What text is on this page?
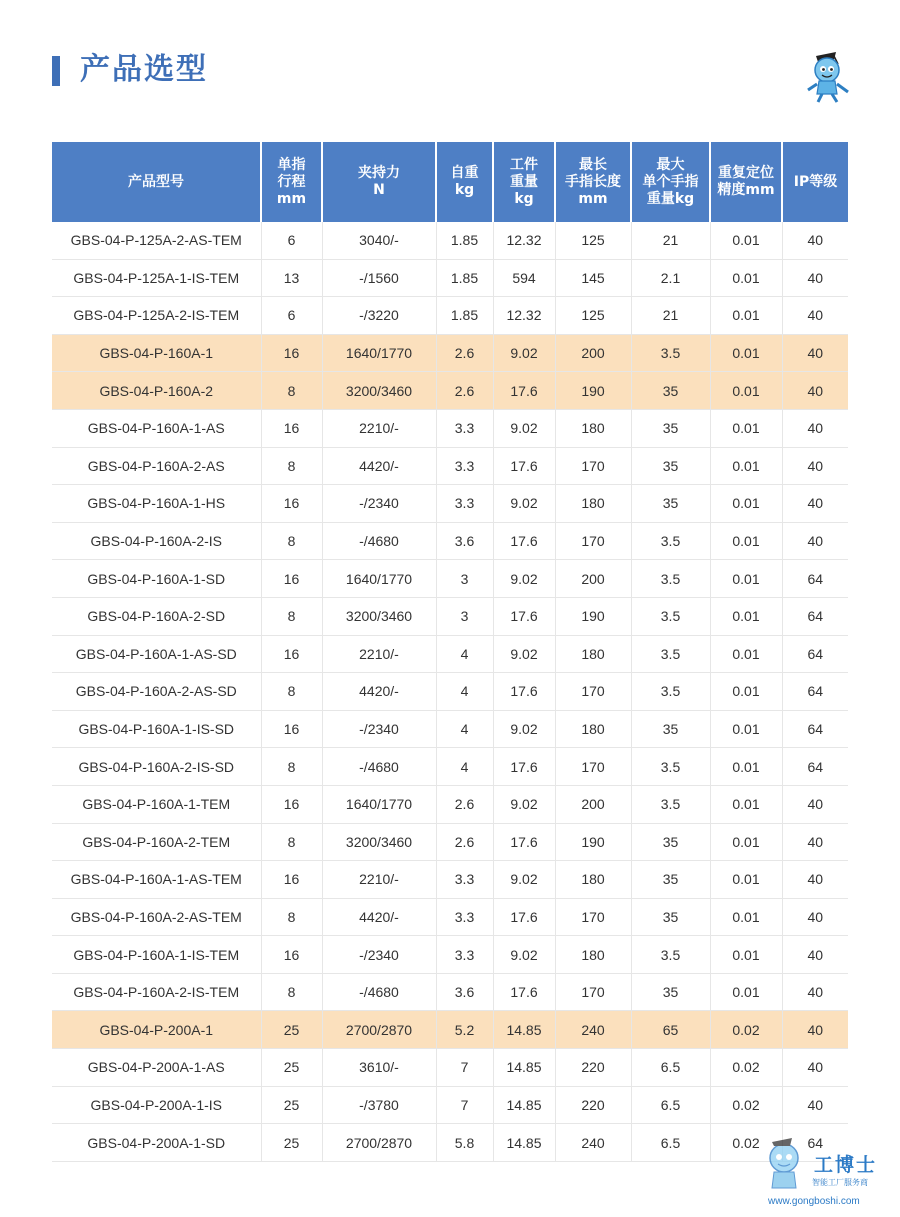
产品选型
产品型号	单指
行程
mm	夹持力
N	自重
kg	工件
重量
kg	最长
手指长度
mm	最大
单个手指
重量kg	重复定位
精度mm	IP等级
GBS-04-P-125A-2-AS-TEM	6	3040/-	1.85	12.32	125	21	0.01	40
GBS-04-P-125A-1-IS-TEM	13	-/1560	1.85	594	145	2.1	0.01	40
GBS-04-P-125A-2-IS-TEM	6	-/3220	1.85	12.32	125	21	0.01	40
GBS-04-P-160A-1	16	1640/1770	2.6	9.02	200	3.5	0.01	40
GBS-04-P-160A-2	8	3200/3460	2.6	17.6	190	35	0.01	40
GBS-04-P-160A-1-AS	16	2210/-	3.3	9.02	180	35	0.01	40
GBS-04-P-160A-2-AS	8	4420/-	3.3	17.6	170	35	0.01	40
GBS-04-P-160A-1-HS	16	-/2340	3.3	9.02	180	35	0.01	40
GBS-04-P-160A-2-IS	8	-/4680	3.6	17.6	170	3.5	0.01	40
GBS-04-P-160A-1-SD	16	1640/1770	3	9.02	200	3.5	0.01	64
GBS-04-P-160A-2-SD	8	3200/3460	3	17.6	190	3.5	0.01	64
GBS-04-P-160A-1-AS-SD	16	2210/-	4	9.02	180	3.5	0.01	64
GBS-04-P-160A-2-AS-SD	8	4420/-	4	17.6	170	3.5	0.01	64
GBS-04-P-160A-1-IS-SD	16	-/2340	4	9.02	180	35	0.01	64
GBS-04-P-160A-2-IS-SD	8	-/4680	4	17.6	170	3.5	0.01	64
GBS-04-P-160A-1-TEM	16	1640/1770	2.6	9.02	200	3.5	0.01	40
GBS-04-P-160A-2-TEM	8	3200/3460	2.6	17.6	190	35	0.01	40
GBS-04-P-160A-1-AS-TEM	16	2210/-	3.3	9.02	180	35	0.01	40
GBS-04-P-160A-2-AS-TEM	8	4420/-	3.3	17.6	170	35	0.01	40
GBS-04-P-160A-1-IS-TEM	16	-/2340	3.3	9.02	180	3.5	0.01	40
GBS-04-P-160A-2-IS-TEM	8	-/4680	3.6	17.6	170	35	0.01	40
GBS-04-P-200A-1	25	2700/2870	5.2	14.85	240	65	0.02	40
GBS-04-P-200A-1-AS	25	3610/-	7	14.85	220	6.5	0.02	40
GBS-04-P-200A-1-IS	25	-/3780	7	14.85	220	6.5	0.02	40
GBS-04-P-200A-1-SD	25	2700/2870	5.8	14.85	240	6.5	0.02	64
工博士
智能工厂服务商
www.gongboshi.com
